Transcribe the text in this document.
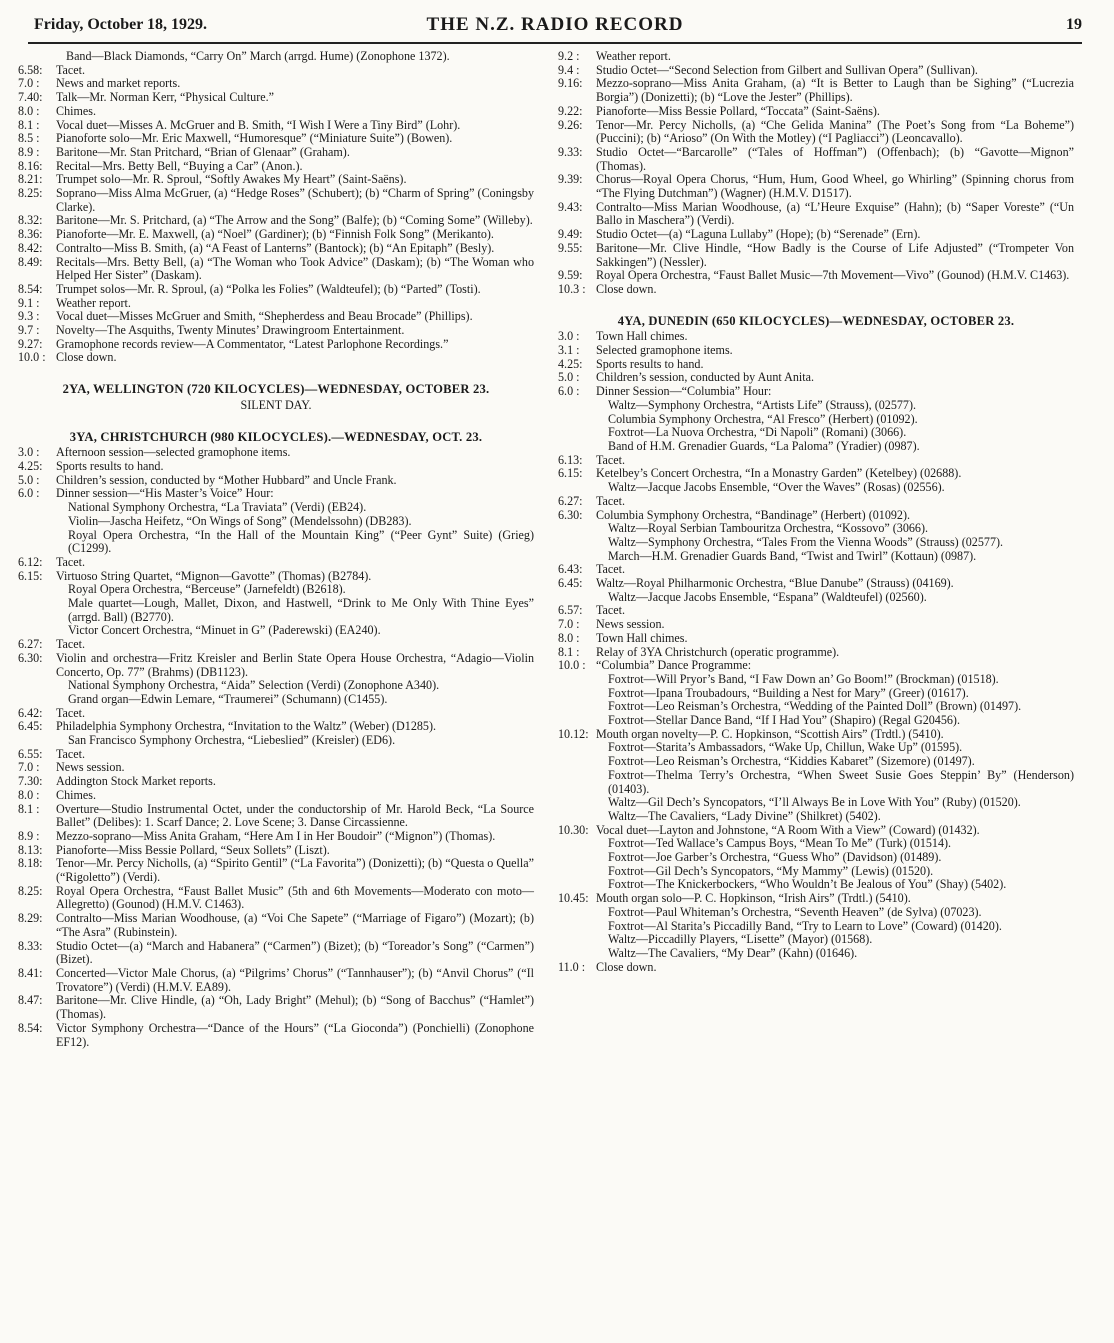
Friday, October 18, 1929.	THE N.Z. RADIO RECORD	19
Band—Black Diamonds, “Carry On” March (arrgd. Hume) (Zonophone 1372).
6.58:	Tacet.
7.0 :	News and market reports.
7.40:	Talk—Mr. Norman Kerr, “Physical Culture.”
8.0 :	Chimes.
8.1 :	Vocal duet—Misses A. McGruer and B. Smith, “I Wish I Were a Tiny Bird” (Lohr).
8.5 :	Pianoforte solo—Mr. Eric Maxwell, “Humoresque” (“Miniature Suite”) (Bowen).
8.9 :	Baritone—Mr. Stan Pritchard, “Brian of Glenaar” (Graham).
8.16:	Recital—Mrs. Betty Bell, “Buying a Car” (Anon.).
8.21:	Trumpet solo—Mr. R. Sproul, “Softly Awakes My Heart” (Saint-Saëns).
8.25:	Soprano—Miss Alma McGruer, (a) “Hedge Roses” (Schubert); (b) “Charm of Spring” (Coningsby Clarke).
8.32:	Baritone—Mr. S. Pritchard, (a) “The Arrow and the Song” (Balfe); (b) “Coming Some” (Willeby).
8.36:	Pianoforte—Mr. E. Maxwell, (a) “Noel” (Gardiner); (b) “Finnish Folk Song” (Merikanto).
8.42:	Contralto—Miss B. Smith, (a) “A Feast of Lanterns” (Bantock); (b) “An Epitaph” (Besly).
8.49:	Recitals—Mrs. Betty Bell, (a) “The Woman who Took Advice” (Daskam); (b) “The Woman who Helped Her Sister” (Daskam).
8.54:	Trumpet solos—Mr. R. Sproul, (a) “Polka les Folies” (Waldteufel); (b) “Parted” (Tosti).
9.1 :	Weather report.
9.3 :	Vocal duet—Misses McGruer and Smith, “Shepherdess and Beau Brocade” (Phillips).
9.7 :	Novelty—The Asquiths, Twenty Minutes’ Drawingroom Entertainment.
9.27:	Gramophone records review—A Commentator, “Latest Parlophone Recordings.”
10.0 : Close down.
2YA, WELLINGTON (720 KILOCYCLES)—WEDNESDAY, OCTOBER 23.
SILENT DAY.
3YA, CHRISTCHURCH (980 KILOCYCLES).—WEDNESDAY, OCT. 23.
3.0 :	Afternoon session—selected gramophone items.
4.25:	Sports results to hand.
5.0 :	Children’s session, conducted by “Mother Hubbard” and Uncle Frank.
6.0 :	Dinner session—“His Master’s Voice” Hour:
National Symphony Orchestra, “La Traviata” (Verdi) (EB24).
Violin—Jascha Heifetz, “On Wings of Song” (Mendelssohn) (DB283).
Royal Opera Orchestra, “In the Hall of the Mountain King” (“Peer Gynt” Suite) (Grieg) (C1299).
6.12:	Tacet.
6.15:	Virtuoso String Quartet, “Mignon—Gavotte” (Thomas) (B2784).
Royal Opera Orchestra, “Berceuse” (Jarnefeldt) (B2618).
Male quartet—Lough, Mallet, Dixon, and Hastwell, “Drink to Me Only With Thine Eyes” (arrgd. Ball) (B2770).
Victor Concert Orchestra, “Minuet in G” (Paderewski) (EA240).
6.27:	Tacet.
6.30:	Violin and orchestra—Fritz Kreisler and Berlin State Opera House Orchestra, “Adagio—Violin Concerto, Op. 77” (Brahms) (DB1123).
National Symphony Orchestra, “Aida” Selection (Verdi) (Zonophone A340).
Grand organ—Edwin Lemare, “Traumerei” (Schumann) (C1455).
6.42:	Tacet.
6.45:	Philadelphia Symphony Orchestra, “Invitation to the Waltz” (Weber) (D1285).
San Francisco Symphony Orchestra, “Liebeslied” (Kreisler) (ED6).
6.55:	Tacet.
7.0 :	News session.
7.30:	Addington Stock Market reports.
8.0 :	Chimes.
8.1 :	Overture—Studio Instrumental Octet, under the conductorship of Mr. Harold Beck, “La Source Ballet” (Delibes): 1. Scarf Dance; 2. Love Scene; 3. Danse Circassienne.
8.9 :	Mezzo-soprano—Miss Anita Graham, “Here Am I in Her Boudoir” (“Mignon”) (Thomas).
8.13:	Pianoforte—Miss Bessie Pollard, “Seux Sollets” (Liszt).
8.18:	Tenor—Mr. Percy Nicholls, (a) “Spirito Gentil” (“La Favorita”) (Donizetti); (b) “Questa o Quella” (“Rigoletto”) (Verdi).
8.25:	Royal Opera Orchestra, “Faust Ballet Music” (5th and 6th Movements—Moderato con moto—Allegretto) (Gounod) (H.M.V. C1463).
8.29:	Contralto—Miss Marian Woodhouse, (a) “Voi Che Sapete” (“Marriage of Figaro”) (Mozart); (b) “The Asra” (Rubinstein).
8.33:	Studio Octet—(a) “March and Habanera” (“Carmen”) (Bizet); (b) “Toreador’s Song” (“Carmen”) (Bizet).
8.41:	Concerted—Victor Male Chorus, (a) “Pilgrims’ Chorus” (“Tannhauser”); (b) “Anvil Chorus” (“Il Trovatore”) (Verdi) (H.M.V. EA89).
8.47:	Baritone—Mr. Clive Hindle, (a) “Oh, Lady Bright” (Mehul); (b) “Song of Bacchus” (“Hamlet”) (Thomas).
8.54:	Victor Symphony Orchestra—“Dance of the Hours” (“La Gioconda”) (Ponchielli) (Zonophone EF12).
9.2 :	Weather report.
9.4 :	Studio Octet—“Second Selection from Gilbert and Sullivan Opera” (Sullivan).
9.16:	Mezzo-soprano—Miss Anita Graham, (a) “It is Better to Laugh than be Sighing” (“Lucrezia Borgia”) (Donizetti); (b) “Love the Jester” (Phillips).
9.22:	Pianoforte—Miss Bessie Pollard, “Toccata” (Saint-Saëns).
9.26:	Tenor—Mr. Percy Nicholls, (a) “Che Gelida Manina” (The Poet’s Song from “La Boheme”) (Puccini); (b) “Arioso” (On With the Motley) (“I Pagliacci”) (Leoncavallo).
9.33:	Studio Octet—“Barcarolle” (“Tales of Hoffman”) (Offenbach); (b) “Gavotte—Mignon” (Thomas).
9.39:	Chorus—Royal Opera Chorus, “Hum, Hum, Good Wheel, go Whirling” (Spinning chorus from “The Flying Dutchman”) (Wagner) (H.M.V. D1517).
9.43:	Contralto—Miss Marian Woodhouse, (a) “L’Heure Exquise” (Hahn); (b) “Saper Voreste” (“Un Ballo in Maschera”) (Verdi).
9.49:	Studio Octet—(a) “Laguna Lullaby” (Hope); (b) “Serenade” (Ern).
9.55:	Baritone—Mr. Clive Hindle, “How Badly is the Course of Life Adjusted” (“Trompeter Von Sakkingen”) (Nessler).
9.59:	Royal Opera Orchestra, “Faust Ballet Music—7th Movement—Vivo” (Gounod) (H.M.V. C1463).
10.3 : Close down.
4YA, DUNEDIN (650 KILOCYCLES)—WEDNESDAY, OCTOBER 23.
3.0 :	Town Hall chimes.
3.1 :	Selected gramophone items.
4.25:	Sports results to hand.
5.0 :	Children’s session, conducted by Aunt Anita.
6.0 :	Dinner Session—“Columbia” Hour:
Waltz—Symphony Orchestra, “Artists Life” (Strauss), (02577).
Columbia Symphony Orchestra, “Al Fresco” (Herbert) (01092).
Foxtrot—La Nuova Orchestra, “Di Napoli” (Romani) (3066).
Band of H.M. Grenadier Guards, “La Paloma” (Yradier) (0987).
6.13:	Tacet.
6.15:	Ketelbey’s Concert Orchestra, “In a Monastry Garden” (Ketelbey) (02688).
Waltz—Jacque Jacobs Ensemble, “Over the Waves” (Rosas) (02556).
6.27:	Tacet.
6.30:	Columbia Symphony Orchestra, “Bandinage” (Herbert) (01092).
Waltz—Royal Serbian Tambouritza Orchestra, “Kossovo” (3066).
Waltz—Symphony Orchestra, “Tales From the Vienna Woods” (Strauss) (02577).
March—H.M. Grenadier Guards Band, “Twist and Twirl” (Kottaun) (0987).
6.43:	Tacet.
6.45:	Waltz—Royal Philharmonic Orchestra, “Blue Danube” (Strauss) (04169).
Waltz—Jacque Jacobs Ensemble, “Espana” (Waldteufel) (02560).
6.57:	Tacet.
7.0 :	News session.
8.0 :	Town Hall chimes.
8.1 :	Relay of 3YA Christchurch (operatic programme).
10.0 : “Columbia” Dance Programme:
Foxtrot—Will Pryor’s Band, “I Faw Down an’ Go Boom!” (Brockman) (01518).
Foxtrot—Ipana Troubadours, “Building a Nest for Mary” (Greer) (01617).
Foxtrot—Leo Reisman’s Orchestra, “Wedding of the Painted Doll” (Brown) (01497).
Foxtrot—Stellar Dance Band, “If I Had You” (Shapiro) (Regal G20456).
10.12: Mouth organ novelty—P. C. Hopkinson, “Scottish Airs” (Trdtl.) (5410).
Foxtrot—Starita’s Ambassadors, “Wake Up, Chillun, Wake Up” (01595).
Foxtrot—Leo Reisman’s Orchestra, “Kiddies Kabaret” (Sizemore) (01497).
Foxtrot—Thelma Terry’s Orchestra, “When Sweet Susie Goes Steppin’ By” (Henderson) (01403).
Waltz—Gil Dech’s Syncopators, “I’ll Always Be in Love With You” (Ruby) (01520).
Waltz—The Cavaliers, “Lady Divine” (Shilkret) (5402).
10.30: Vocal duet—Layton and Johnstone, “A Room With a View” (Coward) (01432).
Foxtrot—Ted Wallace’s Campus Boys, “Mean To Me” (Turk) (01514).
Foxtrot—Joe Garber’s Orchestra, “Guess Who” (Davidson) (01489).
Foxtrot—Gil Dech’s Syncopators, “My Mammy” (Lewis) (01520).
Foxtrot—The Knickerbockers, “Who Wouldn’t Be Jealous of You” (Shay) (5402).
10.45: Mouth organ solo—P. C. Hopkinson, “Irish Airs” (Trdtl.) (5410).
Foxtrot—Paul Whiteman’s Orchestra, “Seventh Heaven” (de Sylva) (07023).
Foxtrot—Al Starita’s Piccadilly Band, “Try to Learn to Love” (Coward) (01420).
Waltz—Piccadilly Players, “Lisette” (Mayor) (01568).
Waltz—The Cavaliers, “My Dear” (Kahn) (01646).
11.0 : Close down.
